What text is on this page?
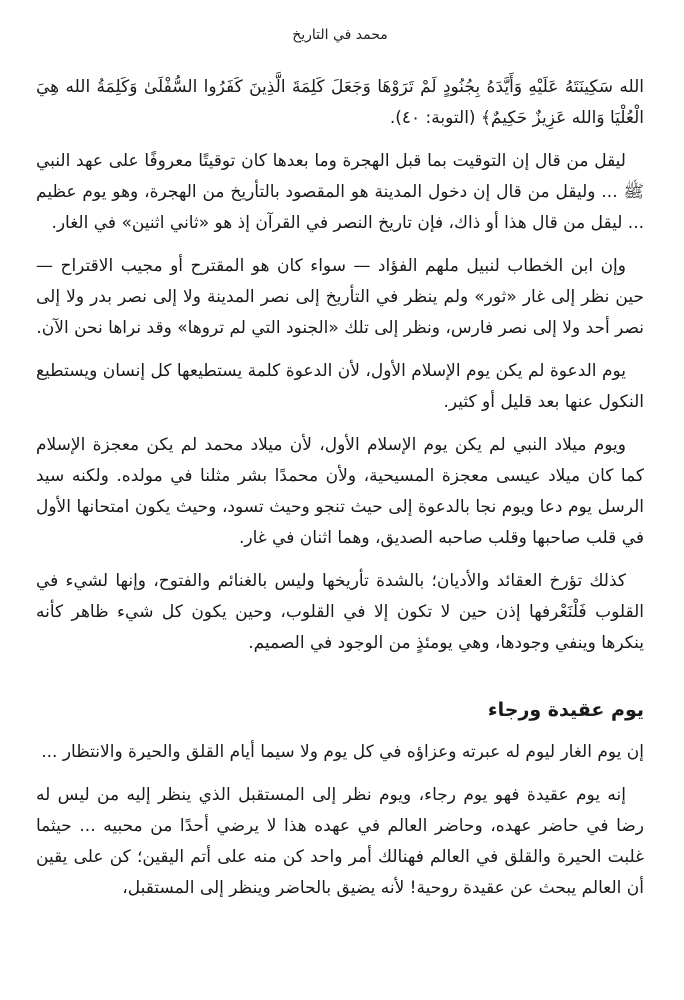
محمد في التاريخ

الله سَكِينَتَهُ عَلَيْهِ وَأَيَّدَهُ بِجُنُودٍ لَمْ تَرَوْهَا وَجَعَلَ كَلِمَةَ الَّذِينَ كَفَرُوا السُّفْلَىٰ وَكَلِمَةُ الله هِيَ الْعُلْيَا وَالله عَزِيزٌ حَكِيمٌ﴾ (التوبة: ٤٠).

ليقل من قال إن التوقيت بما قبل الهجرة وما بعدها كان توقيتًا معروفًا على عهد النبي ﷺ ... وليقل من قال إن دخول المدينة هو المقصود بالتأريخ من الهجرة، وهو يوم عظيم ... ليقل من قال هذا أو ذاك، فإن تاريخ النصر في القرآن إذ هو «ثاني اثنين» في الغار.

وإن ابن الخطاب لنبيل ملهم الفؤاد — سواء كان هو المقترح أو مجيب الاقتراح — حين نظر إلى غار «ثور» ولم ينظر في التأريخ إلى نصر المدينة ولا إلى نصر بدر ولا إلى نصر أحد ولا إلى نصر فارس، ونظر إلى تلك «الجنود التي لم تروها» وقد نراها نحن الآن.

يوم الدعوة لم يكن يوم الإسلام الأول، لأن الدعوة كلمة يستطيعها كل إنسان ويستطيع النكول عنها بعد قليل أو كثير.

ويوم ميلاد النبي لم يكن يوم الإسلام الأول، لأن ميلاد محمد لم يكن معجزة الإسلام كما كان ميلاد عيسى معجزة المسيحية، ولأن محمدًا بشر مثلنا في مولده. ولكنه سيد الرسل يوم دعا ويوم نجا بالدعوة إلى حيث تنجو وحيث تسود، وحيث يكون امتحانها الأول في قلب صاحبها وقلب صاحبه الصديق، وهما اثنان في غار.

كذلك تؤرخ العقائد والأديان؛ بالشدة تأريخها وليس بالغنائم والفتوح، وإنها لشيء في القلوب فَلْنَعْرفها إذن حين لا تكون إلا في القلوب، وحين يكون كل شيء ظاهر كأنه ينكرها وينفي وجودها، وهي يومئذٍ من الوجود في الصميم.

يوم عقيدة ورجاء

إن يوم الغار ليوم له عبرته وعزاؤه في كل يوم ولا سيما أيام القلق والحيرة والانتظار ...

إنه يوم عقيدة فهو يوم رجاء، ويوم نظر إلى المستقبل الذي ينظر إليه من ليس له رضا في حاضر عهده، وحاضر العالم في عهده هذا لا يرضي أحدًا من محبيه ... حيثما غلبت الحيرة والقلق في العالم فهنالك أمر واحد كن منه على أتم اليقين؛ كن على يقين أن العالم يبحث عن عقيدة روحية! لأنه يضيق بالحاضر وينظر إلى المستقبل،
